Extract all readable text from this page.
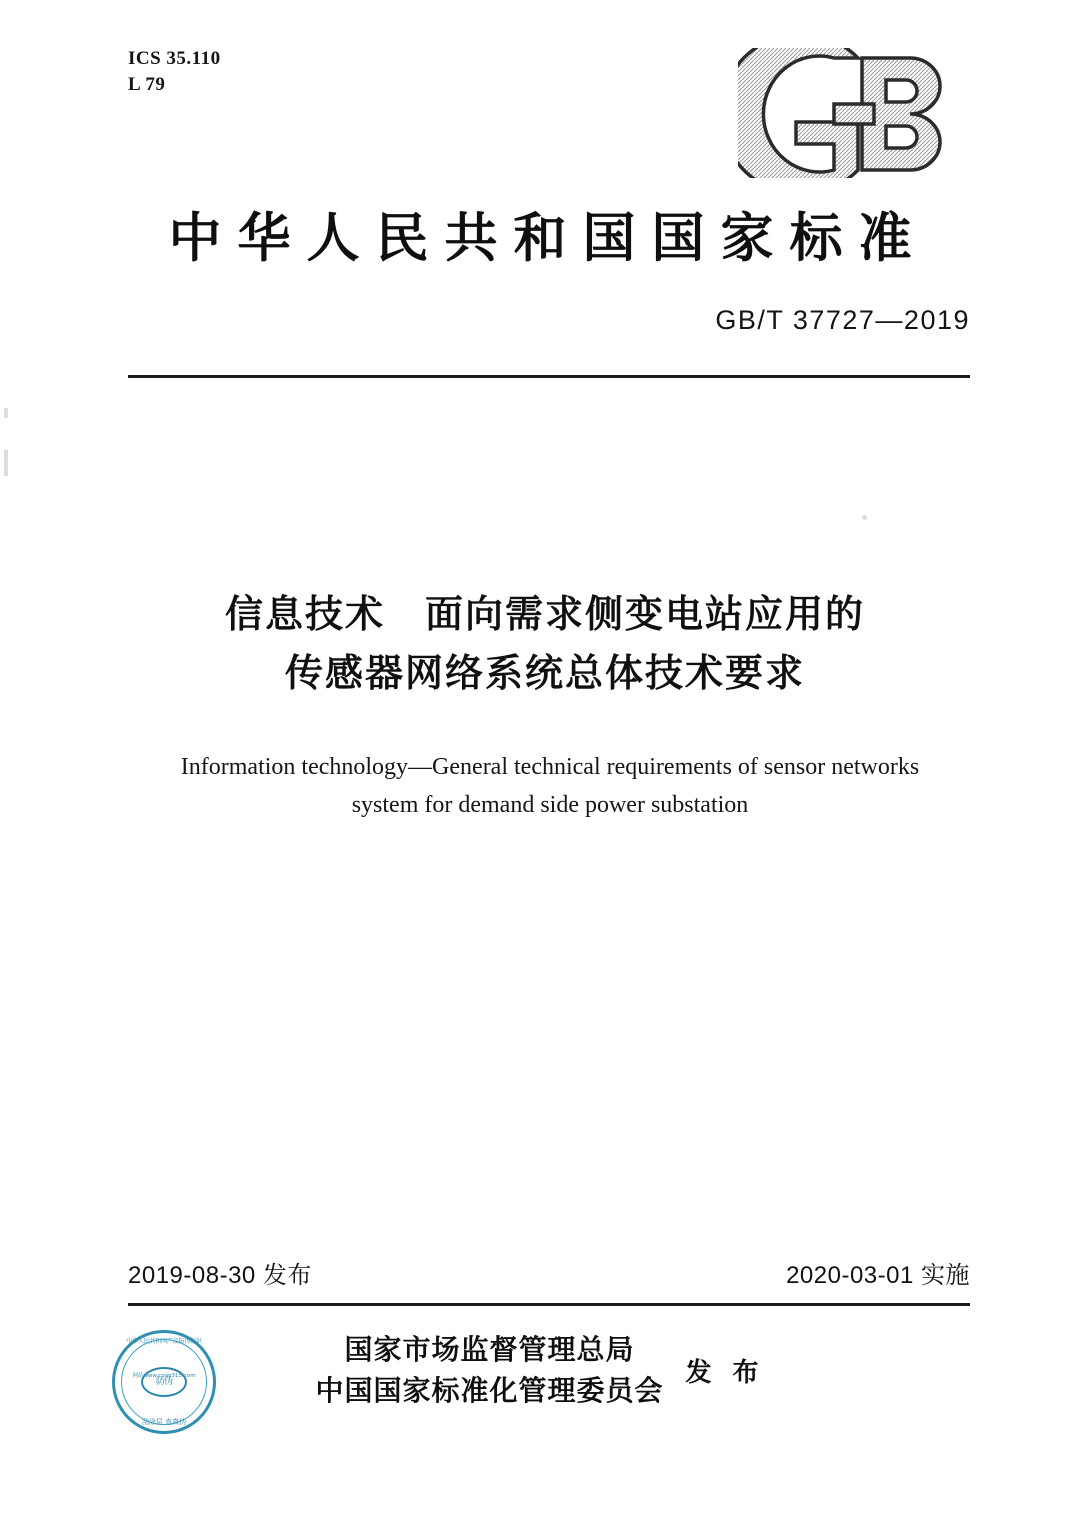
ICS 35.110
L 79
中华人民共和国国家标准
GB/T 37727—2019
信息技术　面向需求侧变电站应用的
传感器网络系统总体技术要求
Information technology—General technical requirements of sensor networks
system for demand side power substation
2019-08-30 发布	2020-03-01 实施
中华人民共和国产品防伪标识
网站www.cpaq315.com
防伪
刮涂层 查真伪
国家市场监督管理总局
中国国家标准化管理委员会
发 布
